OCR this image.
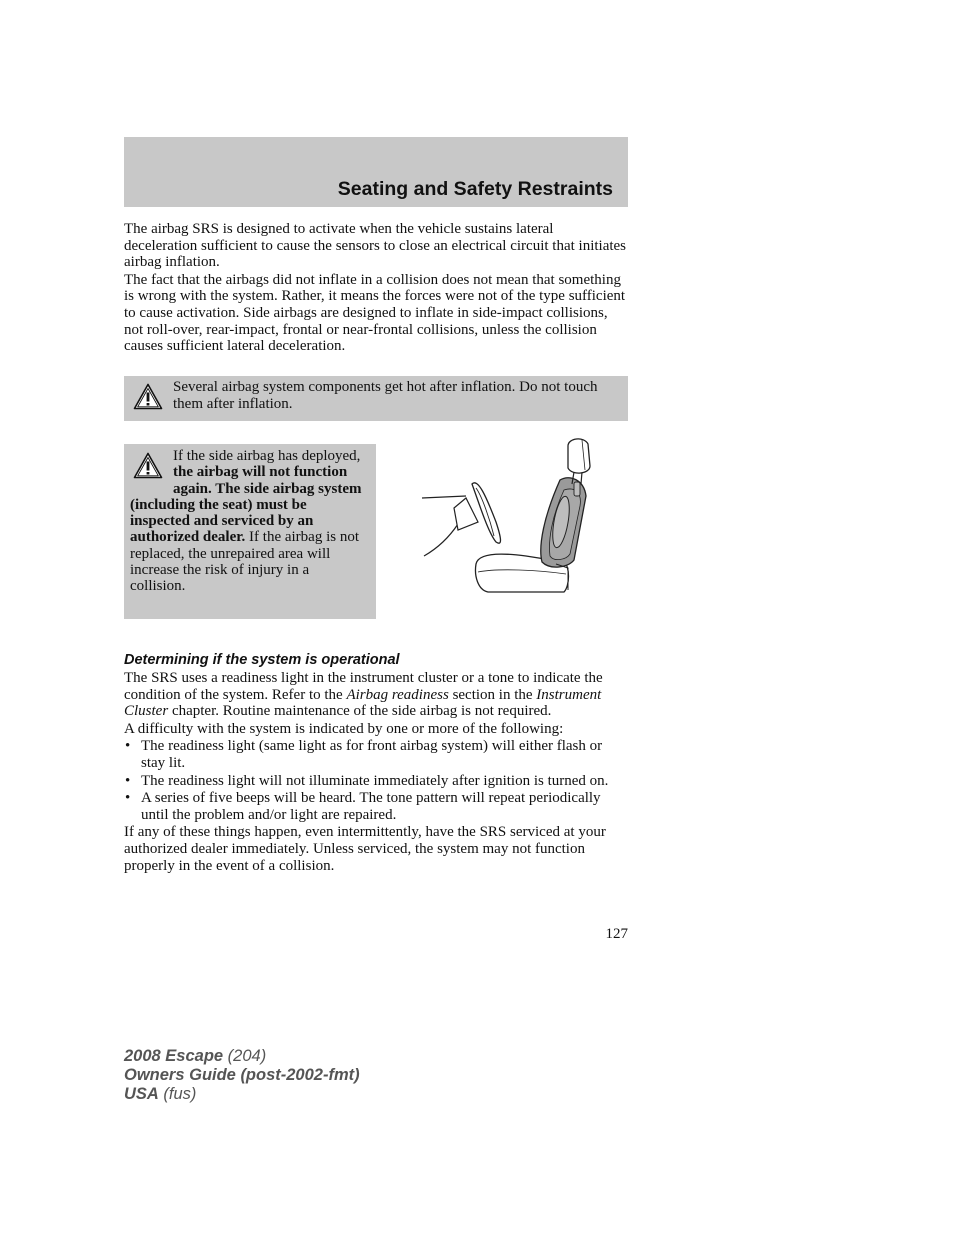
Seating and Safety Restraints

The airbag SRS is designed to activate when the vehicle sustains lateral deceleration sufficient to cause the sensors to close an electrical circuit that initiates airbag inflation.

The fact that the airbags did not inflate in a collision does not mean that something is wrong with the system. Rather, it means the forces were not of the type sufficient to cause activation. Side airbags are designed to inflate in side-impact collisions, not roll-over, rear-impact, frontal or near-frontal collisions, unless the collision causes sufficient lateral deceleration.

Several airbag system components get hot after inflation. Do not touch them after inflation.
If the side airbag has deployed, the airbag will not function again. The side airbag system (including the seat) must be inspected and serviced by an authorized dealer. If the airbag is not replaced, the unrepaired area will increase the risk of injury in a collision.
Determining if the system is operational

The SRS uses a readiness light in the instrument cluster or a tone to indicate the condition of the system. Refer to the Airbag readiness section in the Instrument Cluster chapter. Routine maintenance of the side airbag is not required.

A difficulty with the system is indicated by one or more of the following:

• The readiness light (same light as for front airbag system) will either flash or stay lit.
• The readiness light will not illuminate immediately after ignition is turned on.
• A series of five beeps will be heard. The tone pattern will repeat periodically until the problem and/or light are repaired.

If any of these things happen, even intermittently, have the SRS serviced at your authorized dealer immediately. Unless serviced, the system may not function properly in the event of a collision.

127
2008 Escape (204)
Owners Guide (post-2002-fmt)
USA (fus)
